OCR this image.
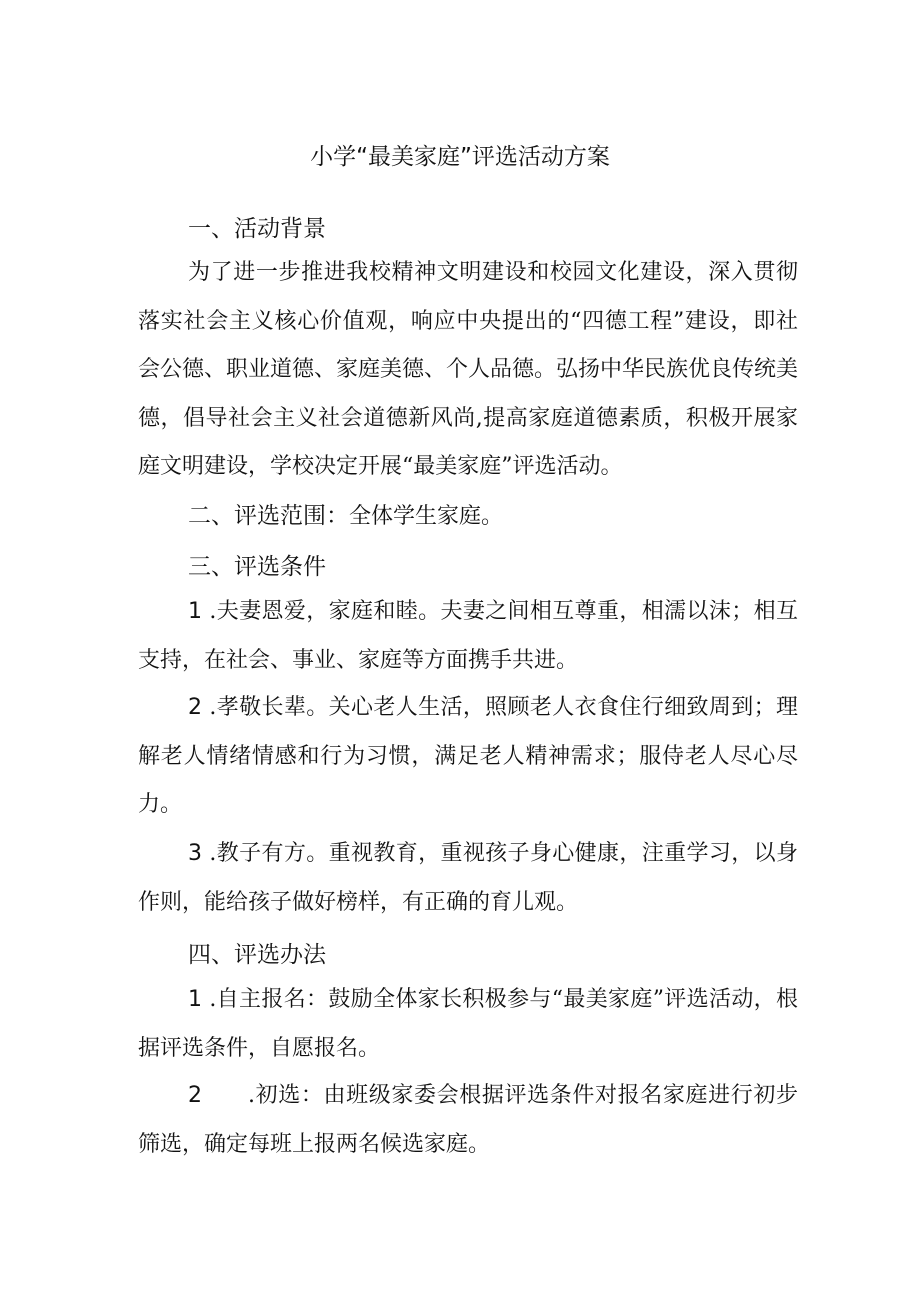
小学“最美家庭”评选活动方案
一、活动背景

为了进一步推进我校精神文明建设和校园文化建设，深入贯彻落实社会主义核心价值观，响应中央提出的“四德工程”建设，即社会公德、职业道德、家庭美德、个人品德。弘扬中华民族优良传统美德，倡导社会主义社会道德新风尚,提高家庭道德素质，积极开展家庭文明建设，学校决定开展“最美家庭”评选活动。

二、评选范围：全体学生家庭。

三、评选条件

1 .夫妻恩爱，家庭和睦。夫妻之间相互尊重，相濡以沫；相互支持，在社会、事业、家庭等方面携手共进。

2 .孝敬长辈。关心老人生活，照顾老人衣食住行细致周到；理解老人情绪情感和行为习惯，满足老人精神需求；服侍老人尽心尽力。

3 .教子有方。重视教育，重视孩子身心健康，注重学习，以身作则，能给孩子做好榜样，有正确的育儿观。

四、评选办法

1 .自主报名：鼓励全体家长积极参与“最美家庭”评选活动，根据评选条件，自愿报名。

2 .初选：由班级家委会根据评选条件对报名家庭进行初步筛选，确定每班上报两名候选家庭。
